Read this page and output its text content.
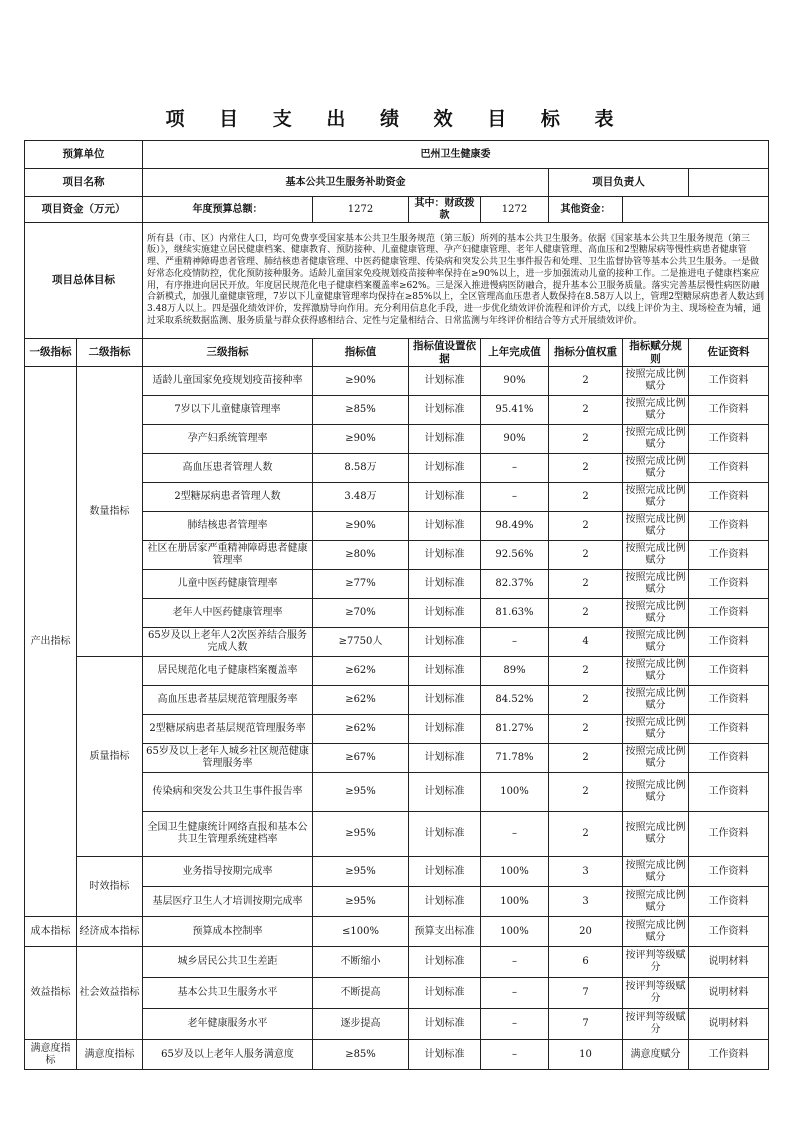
项 目 支 出 绩 效 目 标 表
预算单位		巴州卫生健康委						
项目名称		基本公共卫生服务补助资金				项目负责人		
项目资金（万元）		年度预算总额：	1272	其中：财政拨款	1272	其他资金：		
项目总体目标		所有县（市、区）内常住人口，均可免费享受国家基本公共卫生服务规范（第三版）所列的基本公共卫生服务。依据《国家基本公共卫生服务规范（第三版）》，继续实施建立居民健康档案、健康教育、预防接种、儿童健康管理、孕产妇健康管理、老年人健康管理、高血压和2型糖尿病等慢性病患者健康管理、严重精神障碍患者管理、肺结核患者健康管理、中医药健康管理、传染病和突发公共卫生事件报告和处理、卫生监督协管等基本公共卫生服务。一是做好常态化疫情防控，优化预防接种服务。适龄儿童国家免疫规划疫苗接种率保持在≥90%以上，进一步加强流动儿童的接种工作。二是推进电子健康档案应用，有序推进向居民开放。年度居民规范化电子健康档案覆盖率≥62%。三是深入推进慢病医防融合，提升基本公卫服务质量。落实完善基层慢性病医防融合新模式，加强儿童健康管理，7岁以下儿童健康管理率均保持在≥85%以上，全区管理高血压患者人数保持在8.58万人以上，管理2型糖尿病患者人数达到3.48万人以上。四是强化绩效评价，发挥激励导向作用。充分利用信息化手段，进一步优化绩效评价流程和评价方式，以线上评价为主、现场检查为辅，通过采取系统数据监测、服务质量与群众获得感相结合、定性与定量相结合、日常监测与年终评价相结合等方式开展绩效评价。						
一级指标	二级指标	三级指标	指标值	指标值设置依据	上年完成值	指标分值权重	指标赋分规则	佐证资料
产出指标	数量指标	适龄儿童国家免疫规划疫苗接种率	≥90%	计划标准	90%	2	按照完成比例赋分	工作资料
		7岁以下儿童健康管理率	≥85%	计划标准	95.41%	2	按照完成比例赋分	工作资料
		孕产妇系统管理率	≥90%	计划标准	90%	2	按照完成比例赋分	工作资料
		高血压患者管理人数	8.58万	计划标准	–	2	按照完成比例赋分	工作资料
		2型糖尿病患者管理人数	3.48万	计划标准	–	2	按照完成比例赋分	工作资料
		肺结核患者管理率	≥90%	计划标准	98.49%	2	按照完成比例赋分	工作资料
		社区在册居家严重精神障碍患者健康管理率	≥80%	计划标准	92.56%	2	按照完成比例赋分	工作资料
		儿童中医药健康管理率	≥77%	计划标准	82.37%	2	按照完成比例赋分	工作资料
		老年人中医药健康管理率	≥70%	计划标准	81.63%	2	按照完成比例赋分	工作资料
		65岁及以上老年人2次医养结合服务完成人数	≥7750人	计划标准	–	4	按照完成比例赋分	工作资料
	质量指标	居民规范化电子健康档案覆盖率	≥62%	计划标准	89%	2	按照完成比例赋分	工作资料
		高血压患者基层规范管理服务率	≥62%	计划标准	84.52%	2	按照完成比例赋分	工作资料
		2型糖尿病患者基层规范管理服务率	≥62%	计划标准	81.27%	2	按照完成比例赋分	工作资料
		65岁及以上老年人城乡社区规范健康管理服务率	≥67%	计划标准	71.78%	2	按照完成比例赋分	工作资料
		传染病和突发公共卫生事件报告率	≥95%	计划标准	100%	2	按照完成比例赋分	工作资料
		全国卫生健康统计网络直报和基本公共卫生管理系统建档率	≥95%	计划标准	–	2	按照完成比例赋分	工作资料
	时效指标	业务指导按期完成率	≥95%	计划标准	100%	3	按照完成比例赋分	工作资料
		基层医疗卫生人才培训按期完成率	≥95%	计划标准	100%	3	按照完成比例赋分	工作资料
成本指标	经济成本指标	预算成本控制率	≤100%	预算支出标准	100%	20	按照完成比例赋分	工作资料
效益指标	社会效益指标	城乡居民公共卫生差距	不断缩小	计划标准	–	6	按评判等级赋分	说明材料
		基本公共卫生服务水平	不断提高	计划标准	–	7	按评判等级赋分	说明材料
		老年健康服务水平	逐步提高	计划标准	–	7	按评判等级赋分	说明材料
满意度指标	满意度指标	65岁及以上老年人服务满意度	≥85%	计划标准	–	10	满意度赋分	工作资料
